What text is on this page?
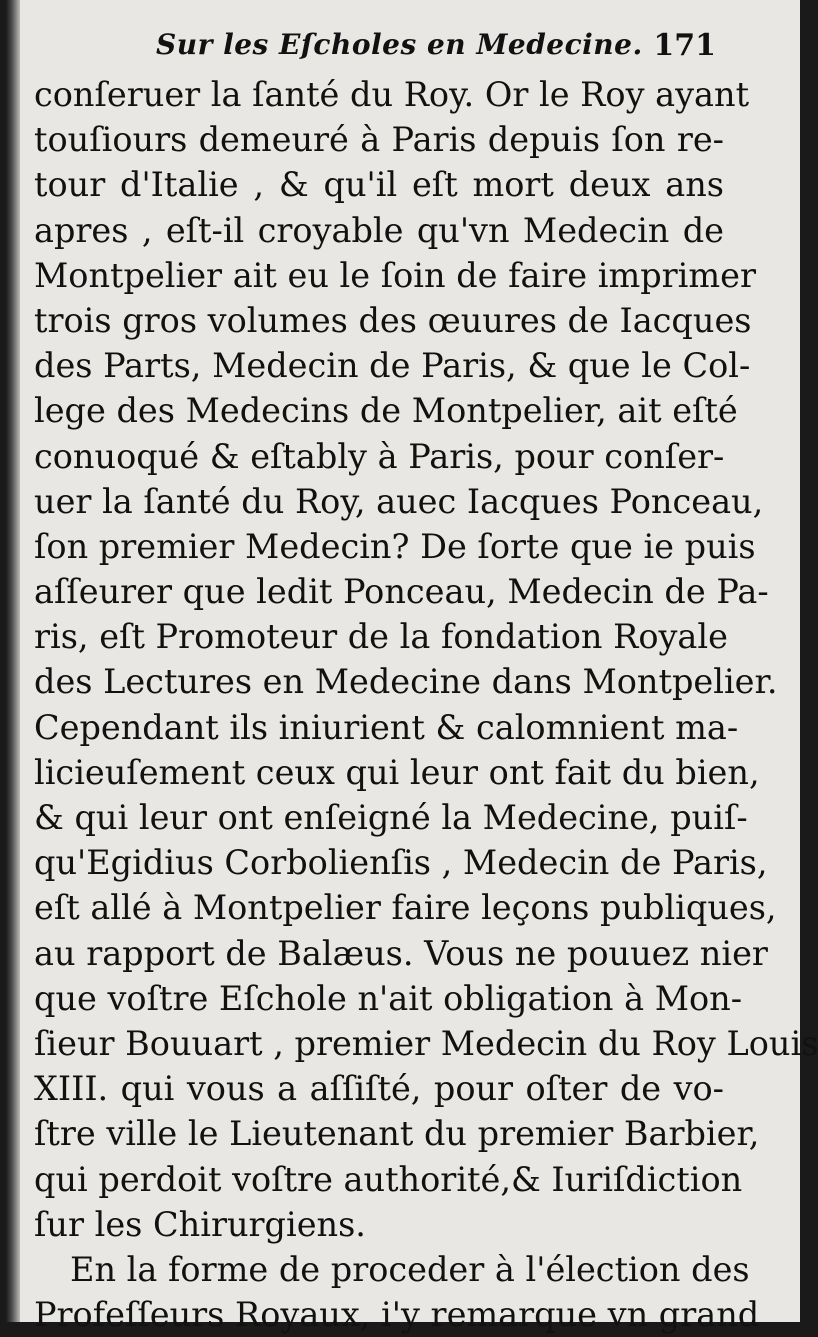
Sur les Eſcholes en Medecine. 171
conſeruer la ſanté du Roy. Or le Roy ayant
touſiours demeuré à Paris depuis ſon re-
tour d'Italie , & qu'il eſt mort deux ans
apres , eſt-il croyable qu'vn Medecin de
Montpelier ait eu le ſoin de faire imprimer
trois gros volumes des œuures de Iacques
des Parts, Medecin de Paris, & que le Col-
lege des Medecins de Montpelier, ait eſté
conuoqué & eſtably à Paris, pour conſer-
uer la ſanté du Roy, auec Iacques Ponceau,
ſon premier Medecin? De ſorte que ie puis
aſſeurer que ledit Ponceau, Medecin de Pa-
ris, eſt Promoteur de la fondation Royale
des Lectures en Medecine dans Montpelier.
Cependant ils iniurient & calomnient ma-
licieuſement ceux qui leur ont fait du bien,
& qui leur ont enſeigné la Medecine, puiſ-
qu'Egidius Corbolienſis , Medecin de Paris,
eſt allé à Montpelier faire leçons publiques,
au rapport de Balæus. Vous ne pouuez nier
que voſtre Eſchole n'ait obligation à Mon-
ſieur Bouuart , premier Medecin du Roy Louis
XIII. qui vous a aſſiſté, pour oſter de vo-
ſtre ville le Lieutenant du premier Barbier,
qui perdoit voſtre authorité,& Iuriſdiction
ſur les Chirurgiens.
En la forme de proceder à l'élection des
Profeſſeurs Royaux, i'y remarque vn grand
